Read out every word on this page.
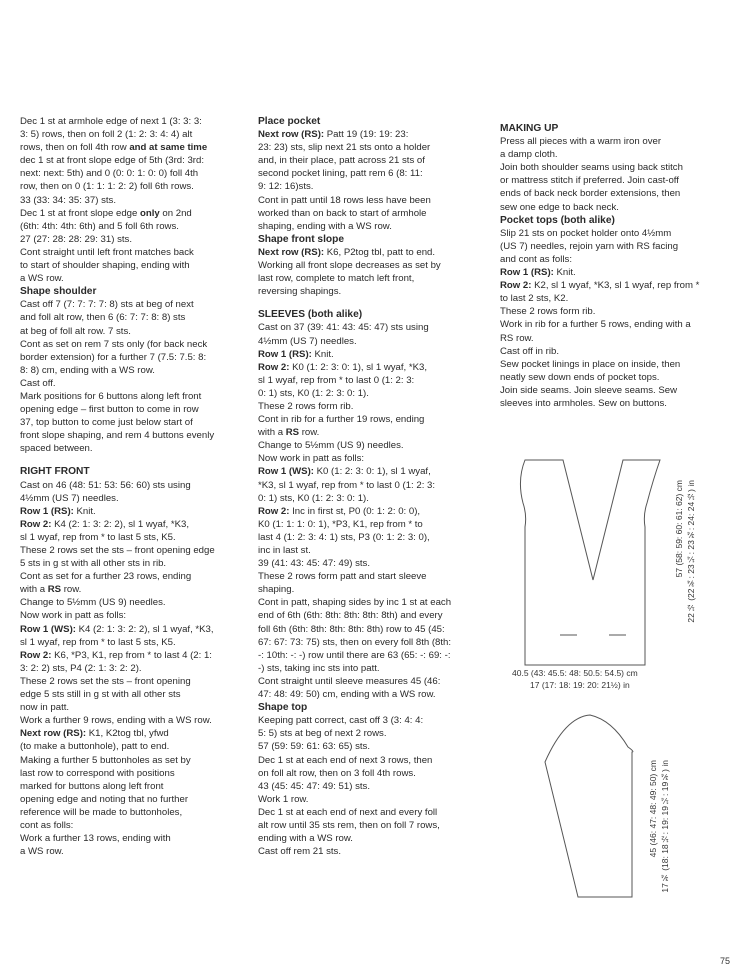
Dec 1 st at armhole edge of next 1 (3: 3: 3:
3: 5) rows, then on foll 2 (1: 2: 3: 4: 4) alt
rows, then on foll 4th row and at same time
dec 1 st at front slope edge of 5th (3rd: 3rd:
next: next: 5th) and 0 (0: 0: 1: 0: 0) foll 4th
row, then on 0 (1: 1: 1: 2: 2) foll 6th rows.
33 (33: 34: 35: 37) sts.
Dec 1 st at front slope edge only on 2nd
(6th: 4th: 4th: 6th) and 5 foll 6th rows.
27 (27: 28: 28: 29: 31) sts.
Cont straight until left front matches back
to start of shoulder shaping, ending with
a WS row.

Shape shoulder

Cast off 7 (7: 7: 7: 7: 8) sts at beg of next
and foll alt row, then 6 (6: 7: 7: 8: 8) sts
at beg of foll alt row. 7 sts.
Cont as set on rem 7 sts only (for back neck
border extension) for a further 7 (7.5: 7.5: 8:
8: 8) cm, ending with a WS row.
Cast off.
Mark positions for 6 buttons along left front
opening edge – first button to come in row
37, top button to come just below start of
front slope shaping, and rem 4 buttons evenly
spaced between.

RIGHT FRONT

Cast on 46 (48: 51: 53: 56: 60) sts using
4½mm (US 7) needles.

Row 1 (RS): Knit.

Row 2: K4 (2: 1: 3: 2: 2), sl 1 wyaf, *K3,
sl 1 wyaf, rep from * to last 5 sts, K5.

These 2 rows set the sts – front opening edge
5 sts in g st with all other sts in rib.
Cont as set for a further 23 rows, ending
with a RS row.
Change to 5½mm (US 9) needles.
Now work in patt as folls:

Row 1 (WS): K4 (2: 1: 3: 2: 2), sl 1 wyaf, *K3,
sl 1 wyaf, rep from * to last 5 sts, K5.

Row 2: K6, *P3, K1, rep from * to last 4 (2: 1:
3: 2: 2) sts, P4 (2: 1: 3: 2: 2).

These 2 rows set the sts – front opening
edge 5 sts still in g st with all other sts
now in patt.
Work a further 9 rows, ending with a WS row.

Next row (RS): K1, K2tog tbl, yfwd
(to make a buttonhole), patt to end.

Making a further 5 buttonholes as set by
last row to correspond with positions
marked for buttons along left front
opening edge and noting that no further
reference will be made to buttonholes,
cont as folls:
Work a further 13 rows, ending with
a WS row.

Place pocket

Next row (RS): Patt 19 (19: 19: 23:
23: 23) sts, slip next 21 sts onto a holder
and, in their place, patt across 21 sts of
second pocket lining, patt rem 6 (8: 11:
9: 12: 16)sts.
Cont in patt until 18 rows less have been
worked than on back to start of armhole
shaping, ending with a WS row.

Shape front slope

Next row (RS): K6, P2tog tbl, patt to end.
Working all front slope decreases as set by
last row, complete to match left front,
reversing shapings.

SLEEVES (both alike)

Cast on 37 (39: 41: 43: 45: 47) sts using
4½mm (US 7) needles.

Row 1 (RS): Knit.

Row 2: K0 (1: 2: 3: 0: 1), sl 1 wyaf, *K3,
sl 1 wyaf, rep from * to last 0 (1: 2: 3:
0: 1) sts, K0 (1: 2: 3: 0: 1).

These 2 rows form rib.
Cont in rib for a further 19 rows, ending
with a RS row.
Change to 5½mm (US 9) needles.
Now work in patt as folls:

Row 1 (WS): K0 (1: 2: 3: 0: 1), sl 1 wyaf,
*K3, sl 1 wyaf, rep from * to last 0 (1: 2: 3:
0: 1) sts, K0 (1: 2: 3: 0: 1).

Row 2: Inc in first st, P0 (0: 1: 2: 0: 0),
K0 (1: 1: 1: 0: 1), *P3, K1, rep from * to
last 4 (1: 2: 3: 4: 1) sts, P3 (0: 1: 2: 3: 0),
inc in last st.
39 (41: 43: 45: 47: 49) sts.
These 2 rows form patt and start sleeve
shaping.
Cont in patt, shaping sides by inc 1 st at each
end of 6th (6th: 8th: 8th: 8th: 8th) and every
foll 6th (6th: 8th: 8th: 8th: 8th) row to 45 (45:
67: 67: 73: 75) sts, then on every foll 8th (8th:
-: 10th: -: -) row until there are 63 (65: -: 69: -:
-) sts, taking inc sts into patt.
Cont straight until sleeve measures 45 (46:
47: 48: 49: 50) cm, ending with a WS row.

Shape top

Keeping patt correct, cast off 3 (3: 4: 4:
5: 5) sts at beg of next 2 rows.
57 (59: 59: 61: 63: 65) sts.
Dec 1 st at each end of next 3 rows, then
on foll alt row, then on 3 foll 4th rows.
43 (45: 45: 47: 49: 51) sts.
Work 1 row.
Dec 1 st at each end of next and every foll
alt row until 35 sts rem, then on foll 7 rows,
ending with a WS row.
Cast off rem 21 sts.

MAKING UP

Press all pieces with a warm iron over
a damp cloth.
Join both shoulder seams using back stitch
or mattress stitch if preferred. Join cast-off
ends of back neck border extensions, then
sew one edge to back neck.

Pocket tops (both alike)

Slip 21 sts on pocket holder onto 4½mm
(US 7) needles, rejoin yarn with RS facing
and cont as folls:

Row 1 (RS): Knit.

Row 2: K2, sl 1 wyaf, *K3, sl 1 wyaf, rep from *
to last 2 sts, K2.

These 2 rows form rib.
Work in rib for a further 5 rows, ending with a
RS row.
Cast off in rib.
Sew pocket linings in place on inside, then
neatly sew down ends of pocket tops.
Join side seams. Join sleeve seams. Sew
sleeves into armholes. Sew on buttons.

40.5 (43: 45.5: 48: 50.5: 54.5) cm
17 (17: 18: 19: 20: 21½) in
57 (58: 59: 60: 61: 62) cm 22½ (22¾: 23¼: 23¾: 24: 24½) in
45 (46: 47: 48: 49: 50) cm 17¾ (18: 18½: 19: 19¼: 19¾) in
75
